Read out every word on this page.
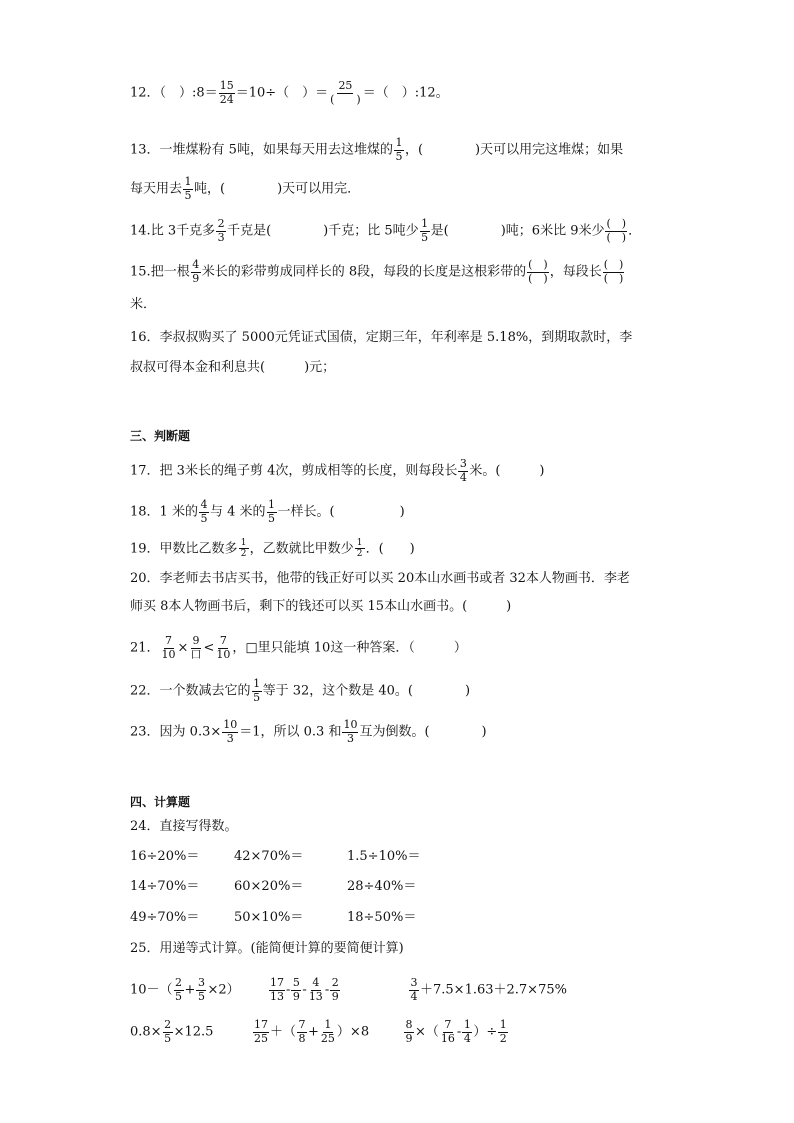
12．（　）:8＝ $\frac{15}{24} =10\div$（　）＝
25
(　　) ＝（　）:12。
13．一堆煤粉有 5吨，如果每天用去这堆煤的 $\frac{1}{5}$ ，(　　　　)天可以用完这堆煤；如果
每天用去 $\frac{1}{5}$ 吨，(　　　　)天可以用完．
14.比 3千克多 $\frac{2}{3}$ 千克是(　　　　)千克；比 5吨少 $\frac{1}{5}$ 是(　　　　)吨；6米比 9米少
(　)
(　) ．
15.把一根 $\frac{4}{9}$ 米长的彩带剪成同样长的 8段，每段的长度是这根彩带的
(　)
(　) ，每段长
(　)
(　)
米．
16．李叔叔购买了 5000元凭证式国债，定期三年，年利率是 5.18%，到期取款时，李
叔叔可得本金和利息共(　　　)元；
三、判断题
17．把 3米长的绳子剪 4次，剪成相等的长度，则每段长 $\frac{3}{4}$ 米。(　　　)
18．1 米的 $\frac{4}{5}$ 与 4 米的 $\frac{1}{5}$ 一样长。(　　　　　)
19．甲数比乙数多 $\frac{1}{2}$ ，乙数就比甲数少 $\frac{1}{2}$ ．(　　)
20．李老师去书店买书，他带的钱正好可以买 20本山水画书或者 32本人物画书．李老
师买 8本人物画书后，剩下的钱还可以买 15本山水画书。(　　　)
21． $\frac{7}{10}$ ×
9
口 < $\frac{7}{10}$ ，□里只能填 10这一种答案．（　　　）
22．一个数减去它的 $\frac{1}{5}$ 等于 32，这个数是 40。(　　　　)
23．因为 $0.3\times \frac{10}{3} =1$，所以 0.3 和 $\frac{10}{3}$ 互为倒数。(　　　　)
四、计算题
24．直接写得数。
16÷20%＝	42×70%＝	1.5÷10%＝
14÷70%＝	60×20%＝	28÷40%＝
49÷70%＝	50×10%＝	18÷50%＝
25．用递等式计算。(能简便计算的要简便计算)
$10-( \frac{2}{5} + \frac{3}{5} \times 2)$	$\frac{17}{13} - \frac{5}{9} - \frac{4}{13} - \frac{2}{9}$	$\frac{3}{4} +7.5\times 1.63+2.7\times 75\%$
$0.8\times \frac{2}{5} \times 12.5$	$\frac{17}{25}$ ＋（ $\frac{7}{8} + \frac{1}{25} )\times 8$	$\frac{8}{9}$ ×（ $\frac{7}{16} - \frac{1}{4}$ ）÷ $\frac{1}{2}$
